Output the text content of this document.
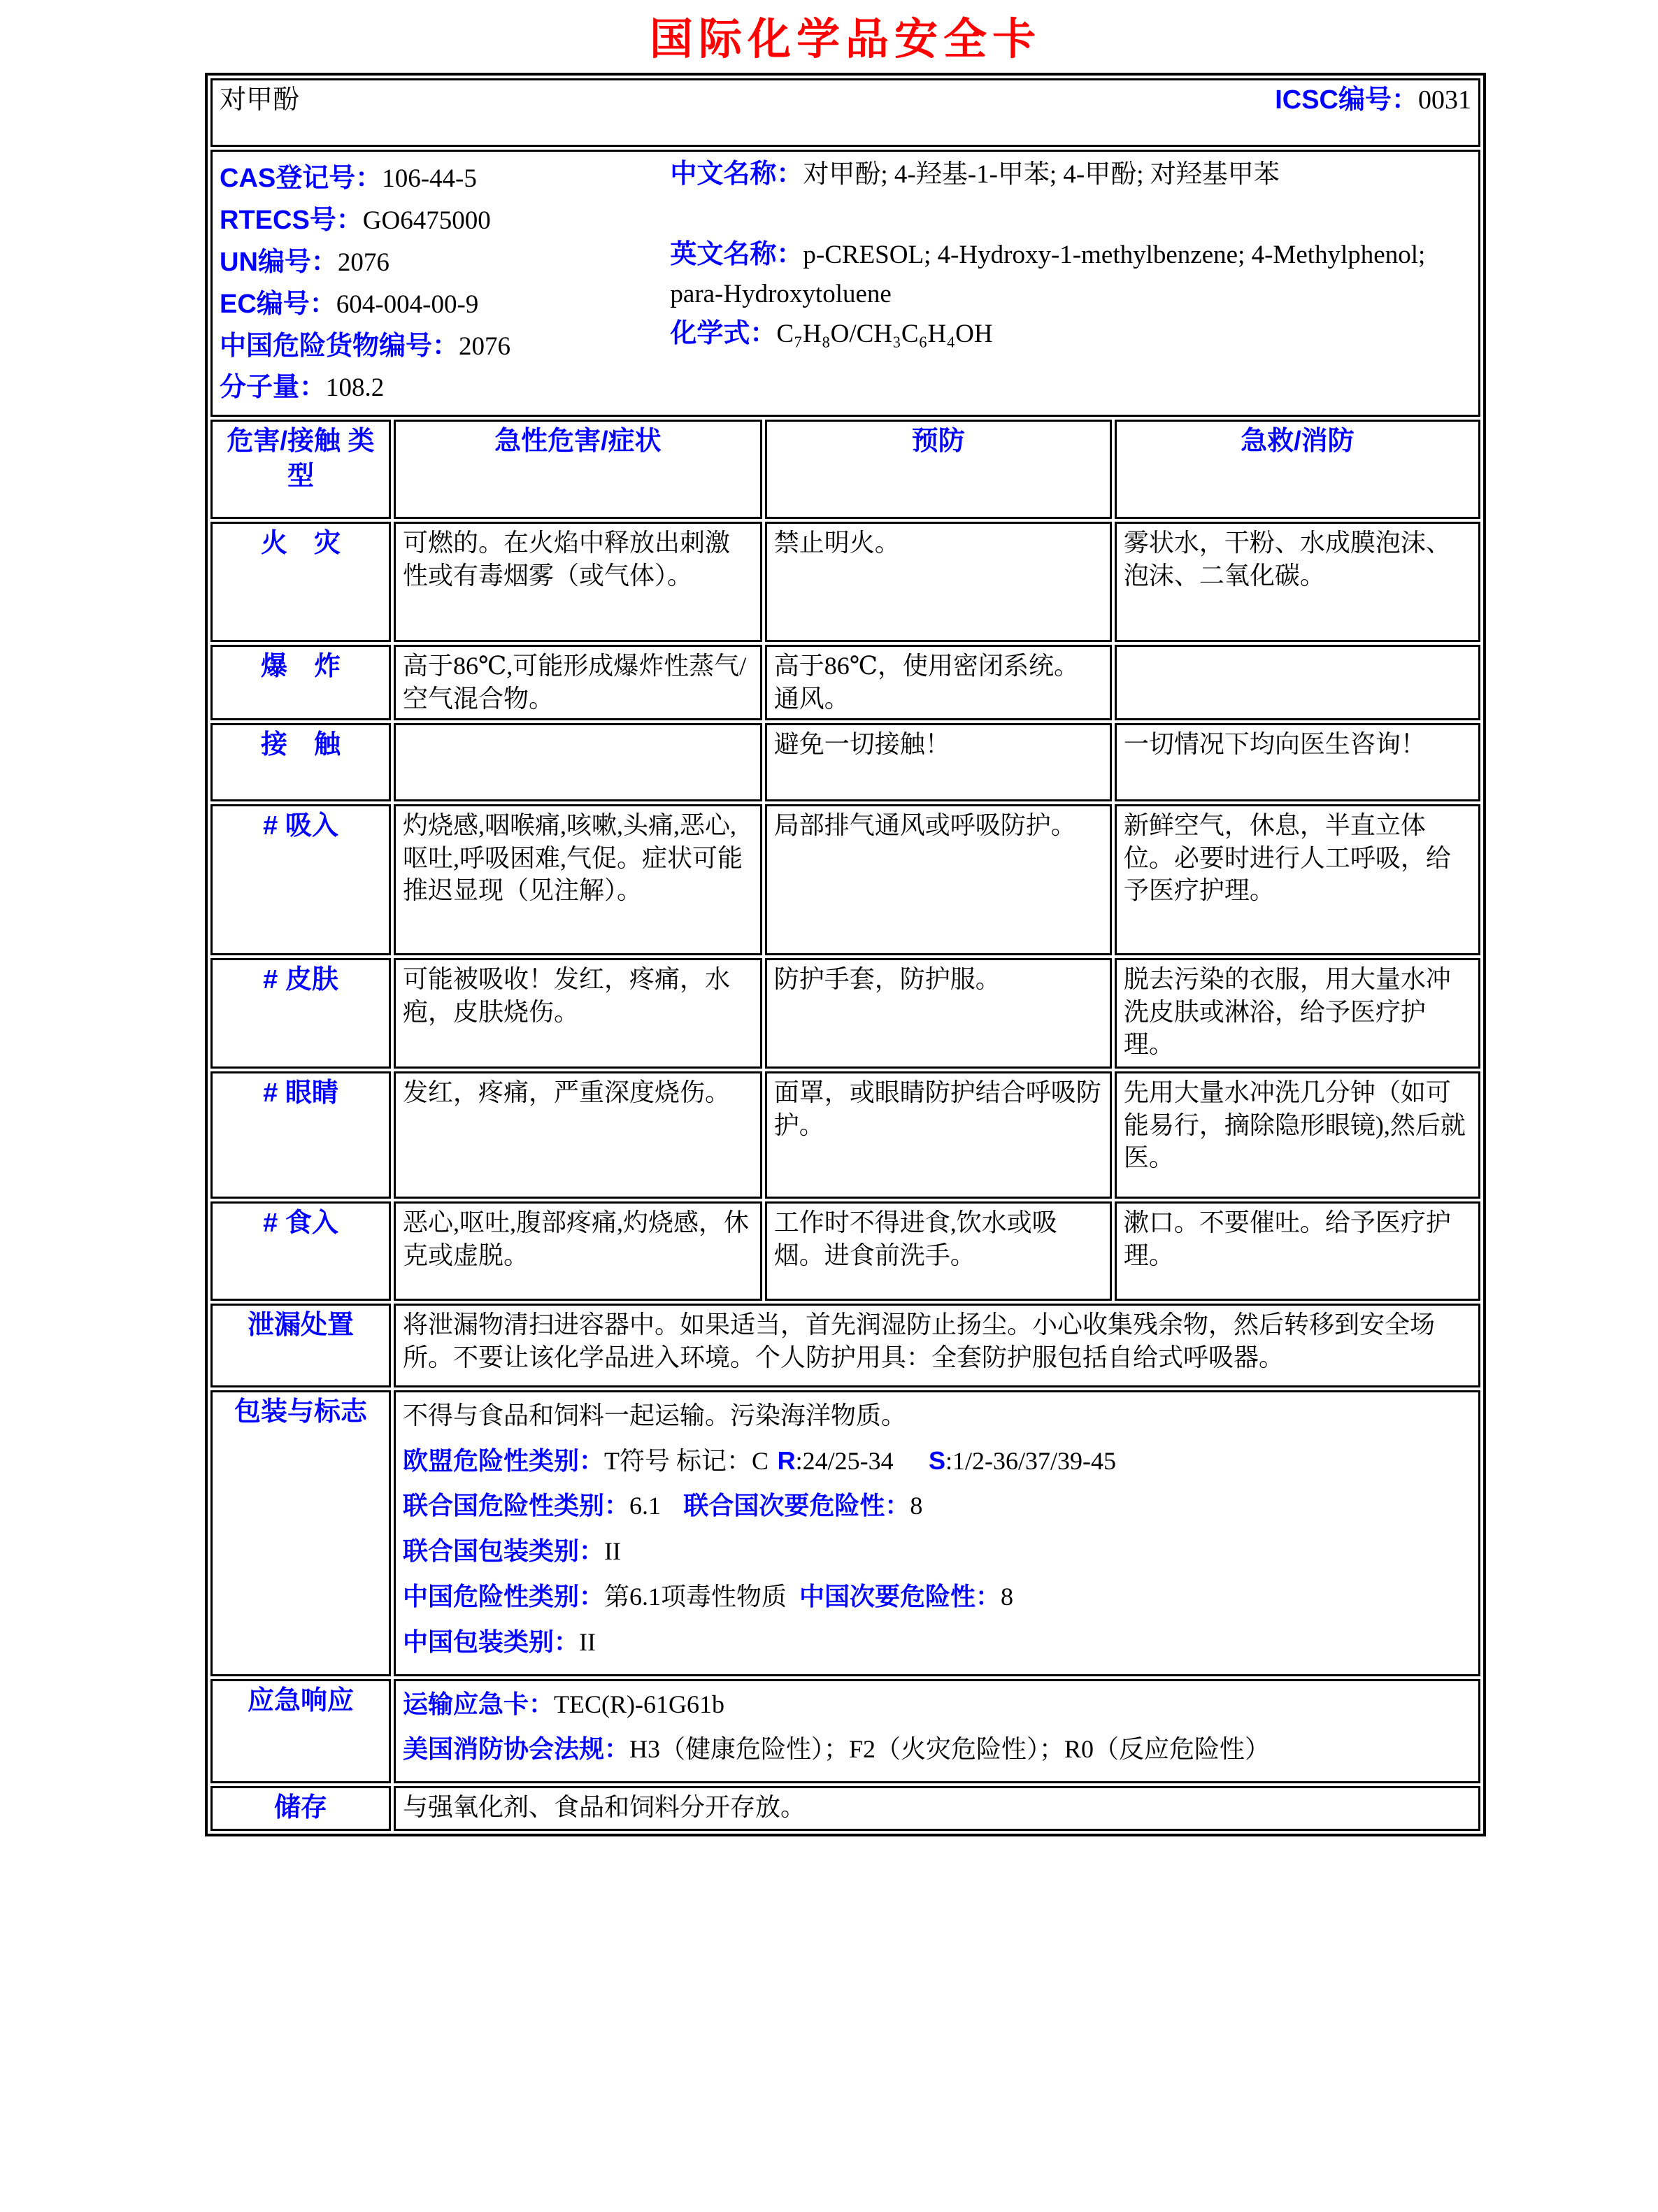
国际化学品安全卡
对甲酚 ICSC编号：0031			

CAS登记号：106-44-5

RTECS号：GO6475000

UN编号：2076

EC编号：604-004-00-9

中国危险货物编号：2076

分子量：108.2

中文名称：对甲酚; 4-羟基-1-甲苯; 4-甲酚; 对羟基甲苯

英文名称：p-CRESOL; 4-Hydroxy-1-methylbenzene; 4-Methylphenol; para-Hydroxytoluene

化学式：C₇H₈O/CH₃C₆H₄OH

危害/接触 类型	急性危害/症状	预防	急救/消防
火　灾	可燃的。在火焰中释放出刺激性或有毒烟雾（或气体）。	禁止明火。	雾状水，干粉、水成膜泡沫、泡沫、二氧化碳。
爆　炸	高于86℃,可能形成爆炸性蒸气/空气混合物。	高于86℃，使用密闭系统。通风。	
接　触		避免一切接触！	一切情况下均向医生咨询！
# 吸入	灼烧感,咽喉痛,咳嗽,头痛,恶心,呕吐,呼吸困难,气促。症状可能推迟显现（见注解）。	局部排气通风或呼吸防护。	新鲜空气，休息，半直立体位。必要时进行人工呼吸，给予医疗护理。
# 皮肤	可能被吸收！发红，疼痛，水疱，皮肤烧伤。	防护手套，防护服。	脱去污染的衣服，用大量水冲洗皮肤或淋浴，给予医疗护理。
# 眼睛	发红，疼痛，严重深度烧伤。	面罩，或眼睛防护结合呼吸防护。	先用大量水冲洗几分钟（如可能易行，摘除隐形眼镜),然后就医。
# 食入	恶心,呕吐,腹部疼痛,灼烧感，休克或虚脱。	工作时不得进食,饮水或吸烟。进食前洗手。	漱口。不要催吐。给予医疗护理。
泄漏处置	将泄漏物清扫进容器中。如果适当，首先润湿防止扬尘。小心收集残余物，然后转移到安全场所。不要让该化学品进入环境。个人防护用具：全套防护服包括自给式呼吸器。		
包装与标志	不得与食品和饲料一起运输。污染海洋物质。

欧盟危险性类别：T符号 标记：C R:24/25-34 S:1/2-36/37/39-45

联合国危险性类别：6.1 联合国次要危险性：8

联合国包装类别：II

中国危险性类别：第6.1项毒性物质 中国次要危险性：8

中国包装类别：II

应急响应	运输应急卡：TEC(R)-61G61b

美国消防协会法规：H3（健康危险性）；F2（火灾危险性）；R0（反应危险性）		

储存	与强氧化剂、食品和饲料分开存放。		
